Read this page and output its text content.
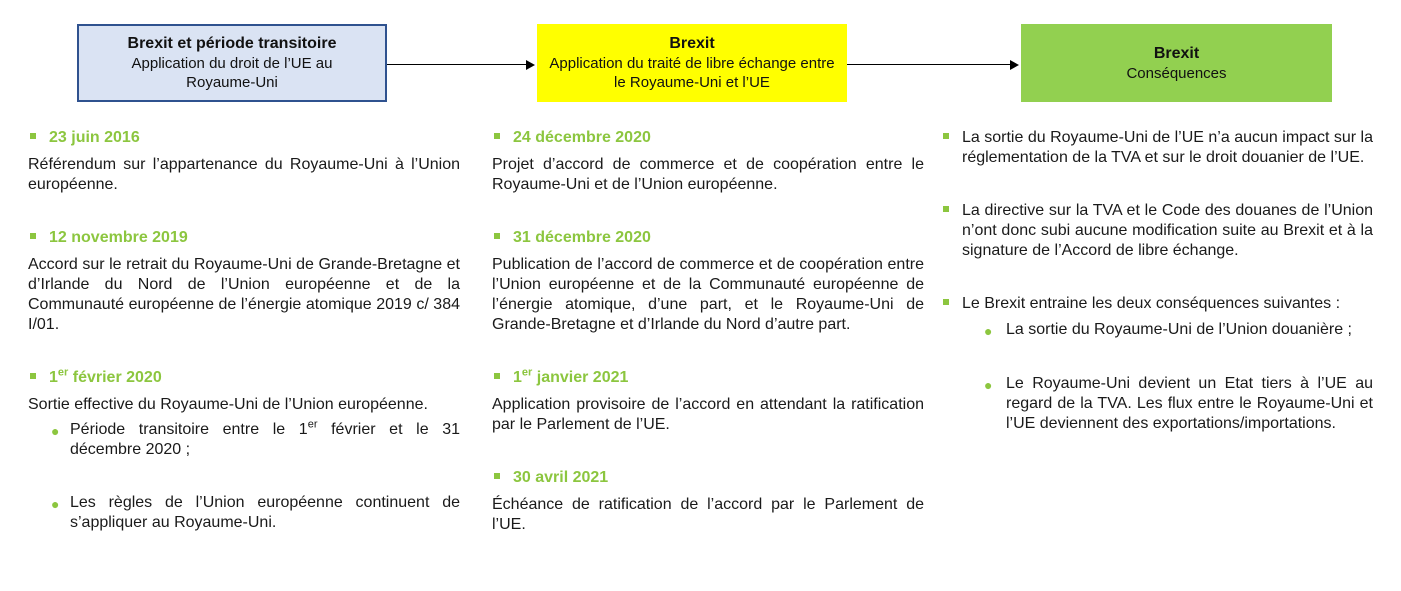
Brexit et période transitoire
Application du droit de l’UE au Royaume-Uni
Brexit
Application du traité de libre échange entre le Royaume-Uni et l’UE
Brexit
Conséquences
23 juin 2016
Référendum sur l’appartenance du Royaume-Uni à l’Union européenne.
12 novembre 2019
Accord sur le retrait du Royaume-Uni de Grande-Bretagne et d’Irlande du Nord de l’Union européenne et de la Communauté européenne de l’énergie atomique 2019 c/ 384 I/01.
1er février 2020
Sortie effective du Royaume-Uni de l’Union européenne.
● Période transitoire entre le 1er février et le 31 décembre 2020 ;
● Les règles de l’Union européenne continuent de s’appliquer au Royaume-Uni.
24 décembre 2020
Projet d’accord de commerce et de coopération entre le Royaume-Uni et de l’Union européenne.
31 décembre 2020
Publication de l’accord de commerce et de coopération entre l’Union européenne et de la Communauté européenne de l’énergie atomique, d’une part, et le Royaume-Uni de Grande-Bretagne et d’Irlande du Nord d’autre part.
1er janvier 2021
Application provisoire de l’accord en attendant la ratification par le Parlement de l’UE.
30 avril 2021
Échéance de ratification de l’accord par le Parlement de l’UE.
La sortie du Royaume-Uni de l’UE n’a aucun impact sur la réglementation de la TVA et sur le droit douanier de l’UE.
La directive sur la TVA et le Code des douanes de l’Union n’ont donc subi aucune modification suite au Brexit et à la signature de l’Accord de libre échange.
Le Brexit entraine les deux conséquences suivantes :
● La sortie du Royaume-Uni de l’Union douanière ;
● Le Royaume-Uni devient un Etat tiers à l’UE au regard de la TVA. Les flux entre le Royaume-Uni et l’UE deviennent des exportations/importations.
